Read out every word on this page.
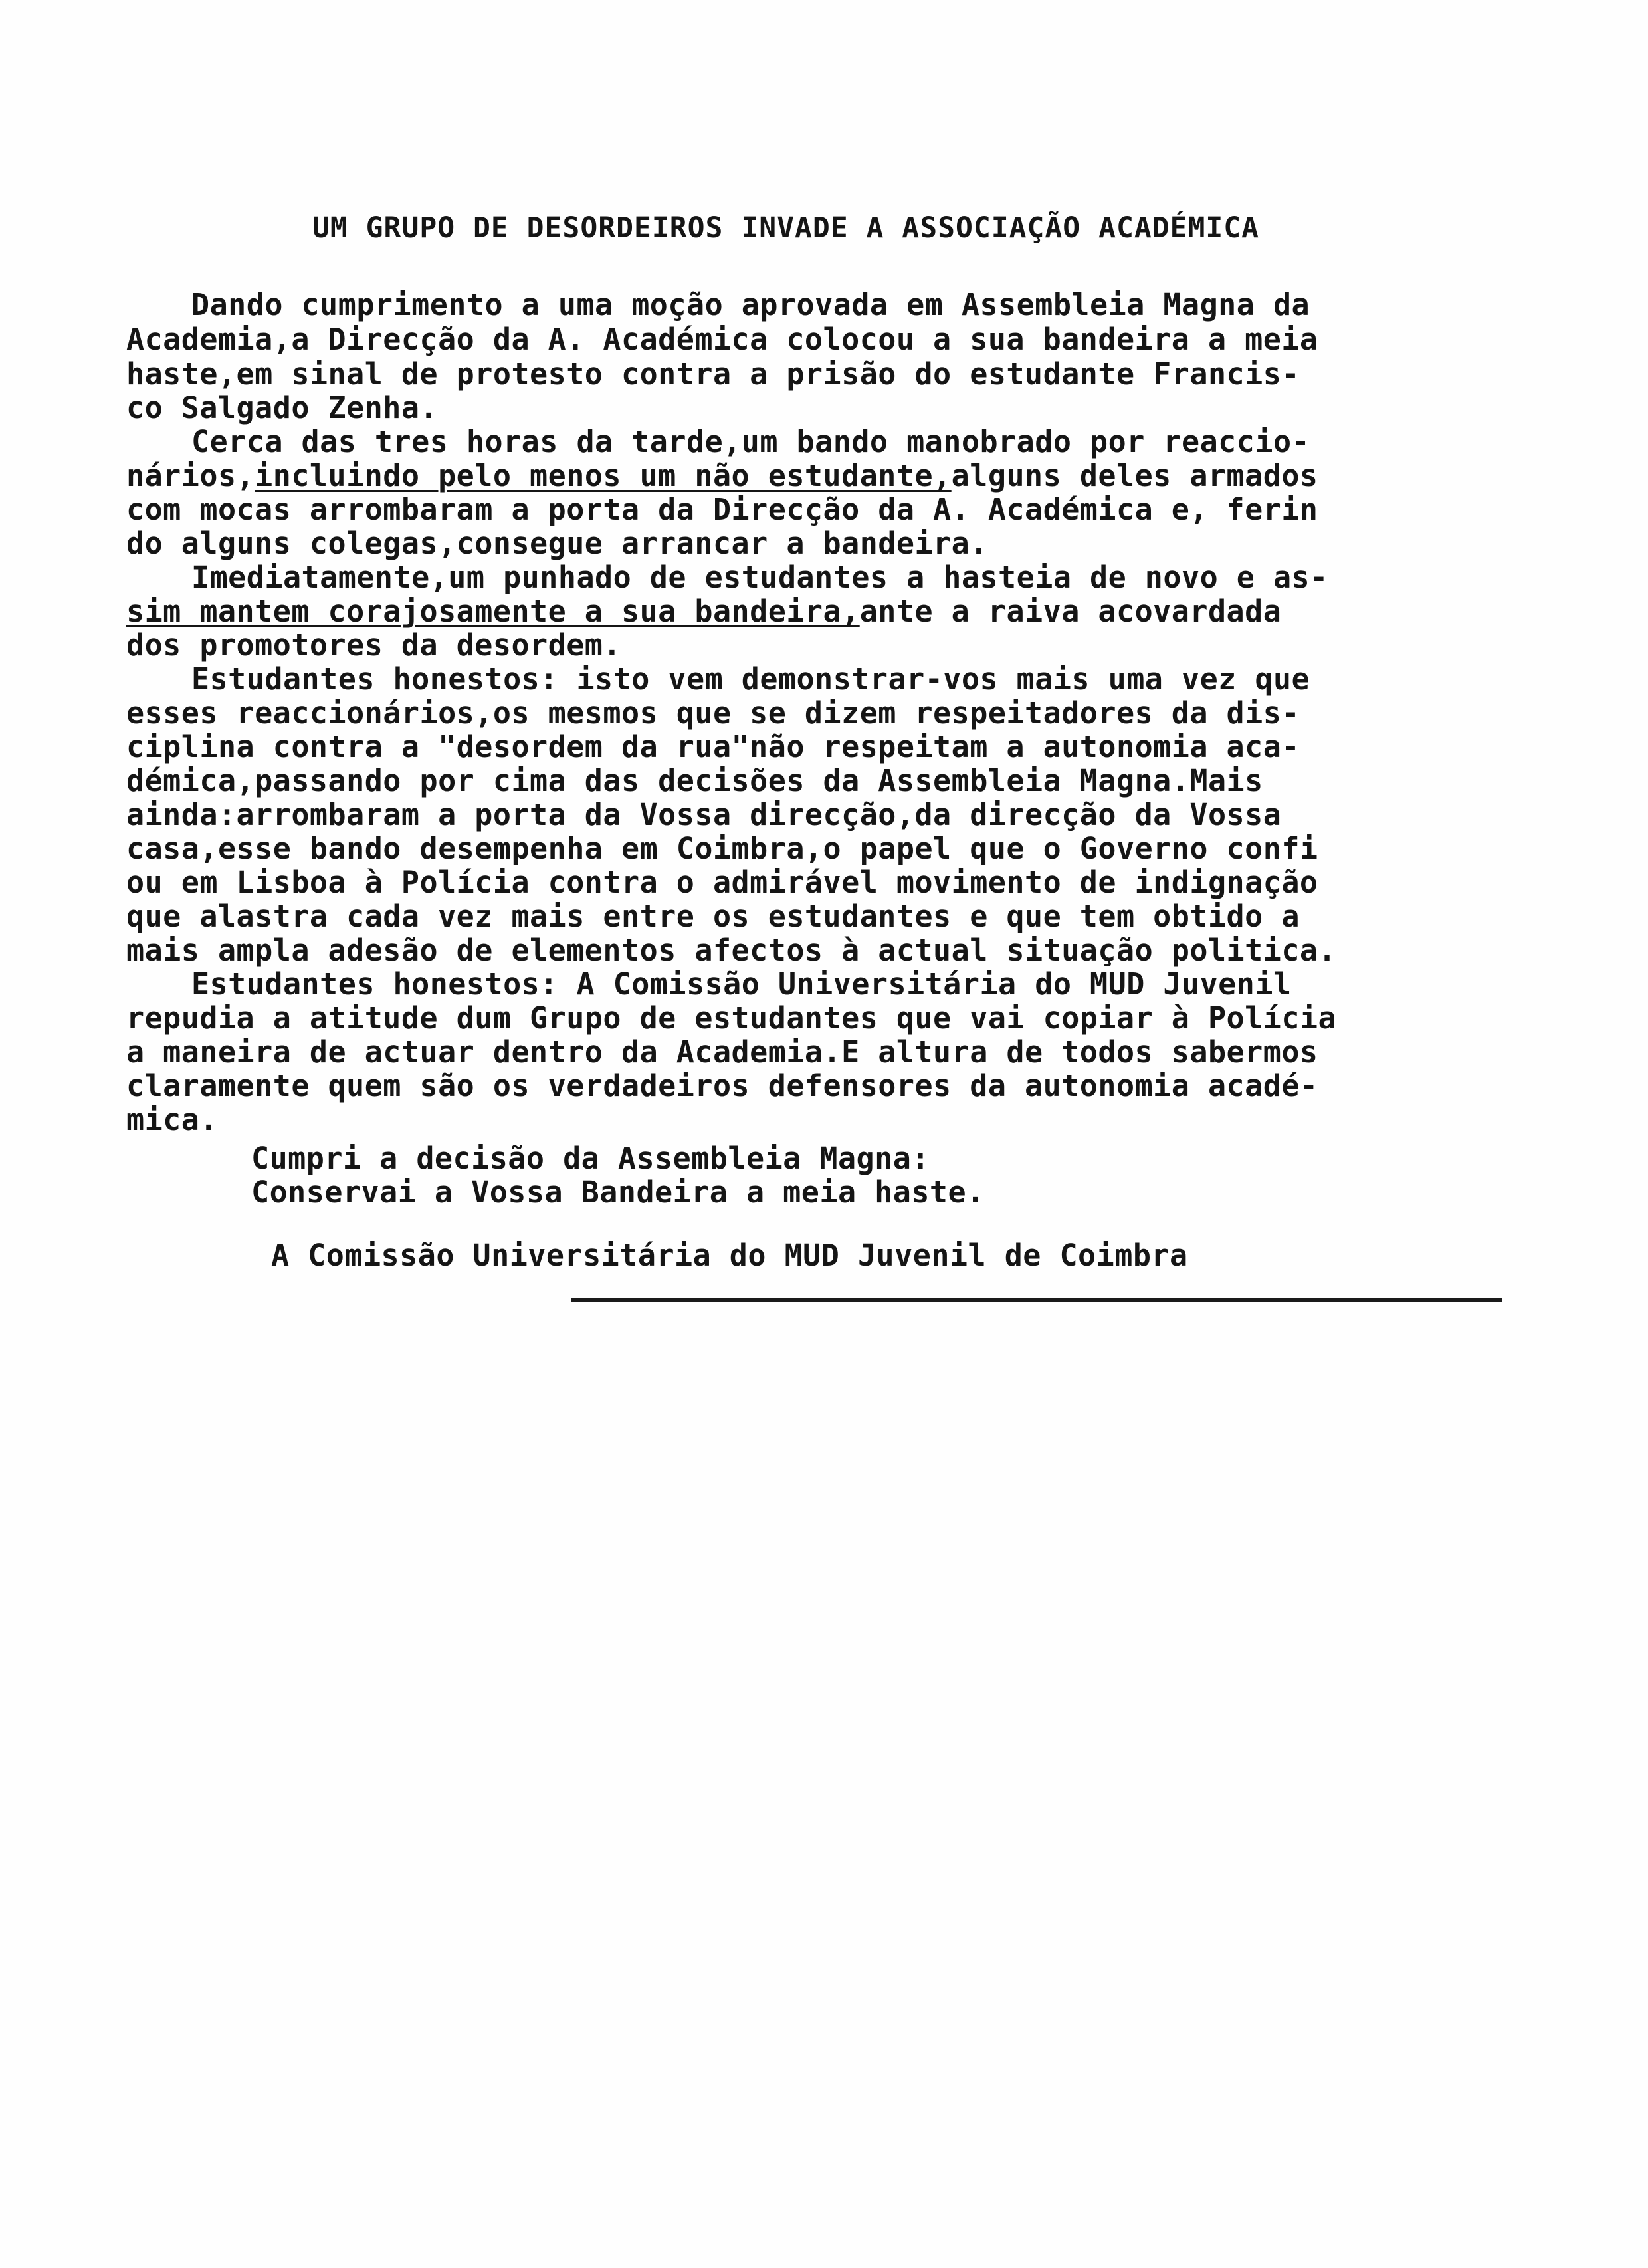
UM GRUPO DE DESORDEIROS INVADE A ASSOCIAÇÃO ACADÉMICA
Dando cumprimento a uma moção aprovada em Assembleia Magna da
Academia,a Direcção da A. Académica colocou a sua bandeira a meia
haste,em sinal de protesto contra a prisão do estudante Francis-
co Salgado Zenha.
Cerca das tres horas da tarde,um bando manobrado por reaccio-
nários,incluindo pelo menos um não estudante,alguns deles armados
com mocas arrombaram a porta da Direcção da A. Académica e, ferin
do alguns colegas,consegue arrancar a bandeira.
Imediatamente,um punhado de estudantes a hasteia de novo e as-
sim mantem corajosamente a sua bandeira,ante a raiva acovardada
dos promotores da desordem.
Estudantes honestos: isto vem demonstrar-vos mais uma vez que
esses reaccionários,os mesmos que se dizem respeitadores da dis-
ciplina contra a "desordem da rua"não respeitam a autonomia aca-
démica,passando por cima das decisões da Assembleia Magna.Mais
ainda:arrombaram a porta da Vossa direcção,da direcção da Vossa
casa,esse bando desempenha em Coimbra,o papel que o Governo confi
ou em Lisboa à Polícia contra o admirável movimento de indignação
que alastra cada vez mais entre os estudantes e que tem obtido a
mais ampla adesão de elementos afectos à actual situação politica.
Estudantes honestos: A Comissão Universitária do MUD Juvenil
repudia a atitude dum Grupo de estudantes que vai copiar à Polícia
a maneira de actuar dentro da Academia.E altura de todos sabermos
claramente quem são os verdadeiros defensores da autonomia acadé-
mica.
Cumpri a decisão da Assembleia Magna:
Conservai a Vossa Bandeira a meia haste.
A Comissão Universitária do MUD Juvenil de Coimbra
